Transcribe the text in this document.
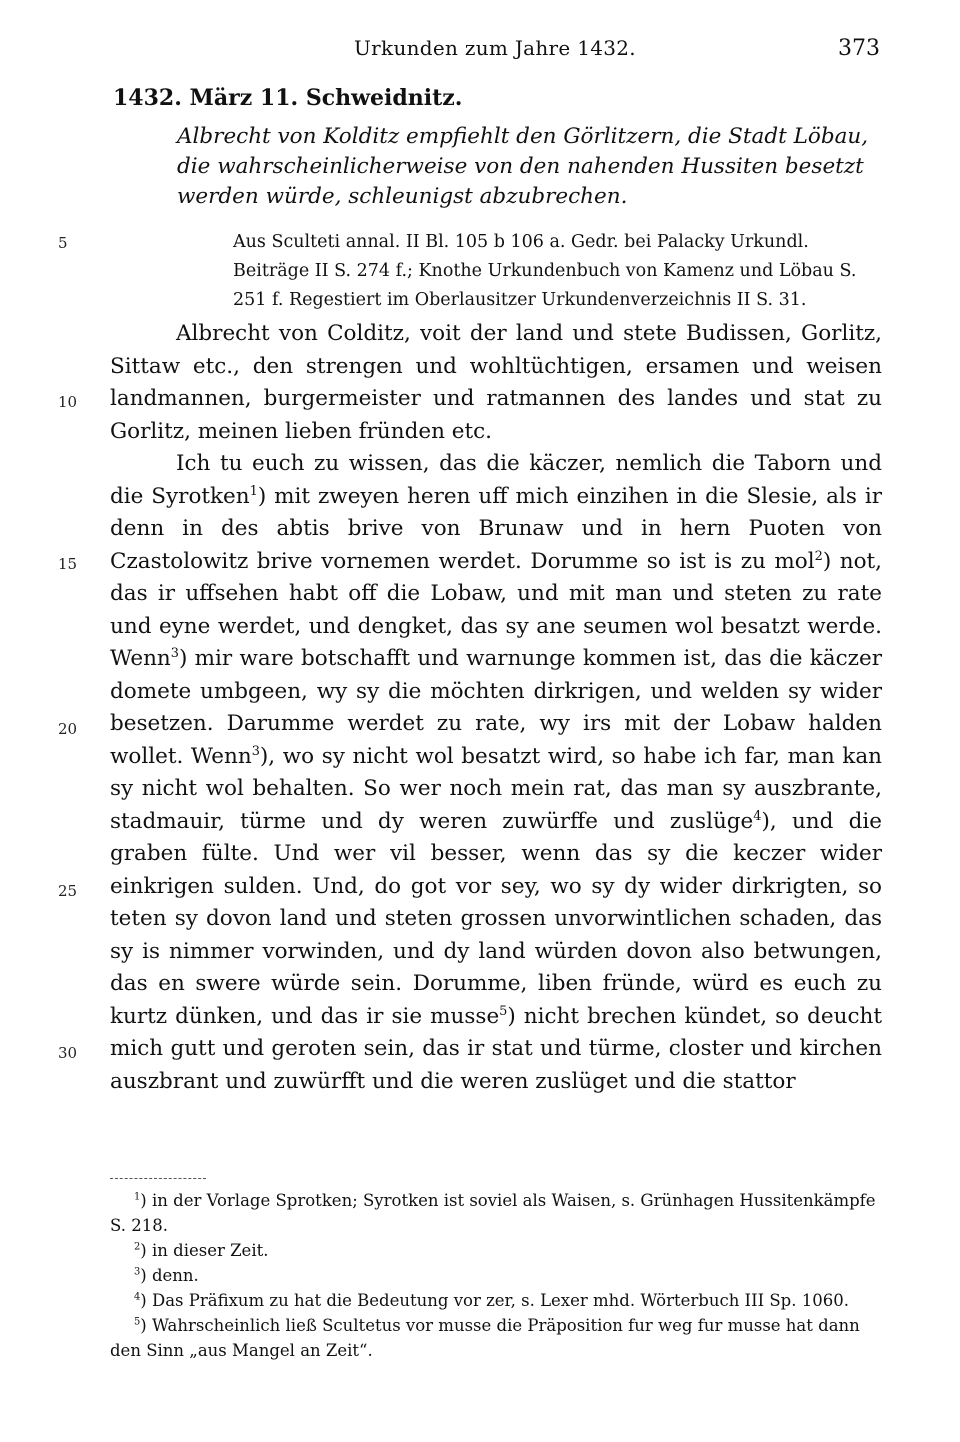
Urkunden zum Jahre 1432.	373
1432. März 11. Schweidnitz.
Albrecht von Kolditz empfiehlt den Görlitzern, die Stadt Löbau, die wahrscheinlicherweise von den nahenden Hussiten besetzt werden würde, schleunigst abzubrechen.
Aus Sculteti annal. II Bl. 105 b 106 a. Gedr. bei Palacky Urkundl. Beiträge II S. 274 f.; Knothe Urkundenbuch von Kamenz und Löbau S. 251 f. Regestiert im Oberlausitzer Urkundenverzeichnis II S. 31.
5
10
15
20
25
30

Albrecht von Colditz, voit der land und stete Budissen, Gorlitz, Sittaw etc., den strengen und wohltüchtigen, ersamen und weisen landmannen, burgermeister und ratmannen des landes und stat zu Gorlitz, meinen lieben fründen etc.

Ich tu euch zu wissen, das die käczer, nemlich die Taborn und die Syrotken$^1$) mit zweyen heren uff mich einzihen in die Slesie, als ir denn in des abtis brive von Brunaw und in hern Puoten von Czastolowitz brive vornemen werdet. Dorumme so ist is zu mol$^2$) not, das ir uffsehen habt off die Lobaw, und mit man und steten zu rate und eyne werdet, und dengket, das sy ane seumen wol besatzt werde. Wenn$^3$) mir ware botschafft und warnunge kommen ist, das die käczer domete umbgeen, wy sy die möchten dirkrigen, und welden sy wider besetzen. Darumme werdet zu rate, wy irs mit der Lobaw halden wollet. Wenn$^3$), wo sy nicht wol besatzt wird, so habe ich far, man kan sy nicht wol behalten. So wer noch mein rat, das man sy auszbrante, stadmauir, türme und dy weren zuwürffe und zuslüge$^4$), und die graben fülte. Und wer vil besser, wenn das sy die keczer wider einkrigen sulden. Und, do got vor sey, wo sy dy wider dirkrigten, so teten sy dovon land und steten grossen unvorwintlichen schaden, das sy is nimmer vorwinden, und dy land würden dovon also betwungen, das en swere würde sein. Dorumme, liben fründe, würd es euch zu kurtz dünken, und das ir sie musse$^5$) nicht brechen kündet, so deucht mich gutt und geroten sein, das ir stat und türme, closter und kirchen auszbrant und zuwürfft und die weren zuslüget und die stattor

$^1$) in der Vorlage Sprotken; Syrotken ist soviel als Waisen, s. Grünhagen Hussitenkämpfe S. 218.

$^2$) in dieser Zeit.

$^3$) denn.

$^4$) Das Präfixum zu hat die Bedeutung vor zer, s. Lexer mhd. Wörterbuch III Sp. 1060.

$^5$) Wahrscheinlich ließ Scultetus vor musse die Präposition fur weg fur musse hat dann den Sinn „aus Mangel an Zeit“.
